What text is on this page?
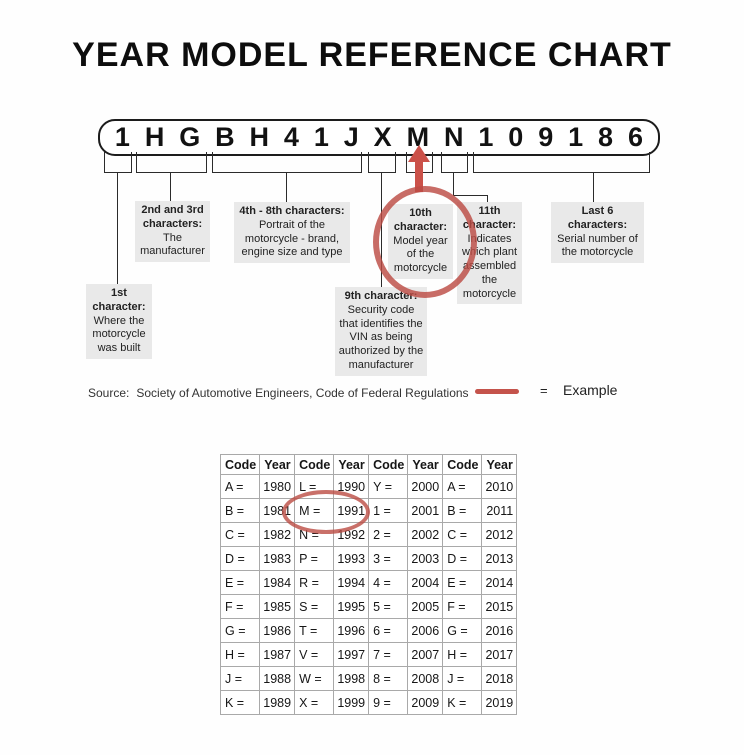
YEAR MODEL REFERENCE CHART
1 H G B H 4 1 J X M N 1 0 9 1 8 6
1st character:
Where the motorcycle was built
2nd and 3rd characters:
The manufacturer
4th - 8th characters:
Portrait of the motorcycle - brand, engine size and type
9th character:
Security code that identifies the VIN as being authorized by the manufacturer
10th character:
Model year of the motorcycle
11th character:
Indicates which plant assembled the motorcycle
Last 6 characters:
Serial number of the motorcycle
Source: Society of Automotive Engineers, Code of Federal Regulations	= Example
Code	Year	Code	Year	Code	Year	Code	Year
A =	1980	L =	1990	Y =	2000	A =	2010
B =	1981	M =	1991	1 =	2001	B =	2011
C =	1982	N =	1992	2 =	2002	C =	2012
D =	1983	P =	1993	3 =	2003	D =	2013
E =	1984	R =	1994	4 =	2004	E =	2014
F =	1985	S =	1995	5 =	2005	F =	2015
G =	1986	T =	1996	6 =	2006	G =	2016
H =	1987	V =	1997	7 =	2007	H =	2017
J =	1988	W =	1998	8 =	2008	J =	2018
K =	1989	X =	1999	9 =	2009	K =	2019
